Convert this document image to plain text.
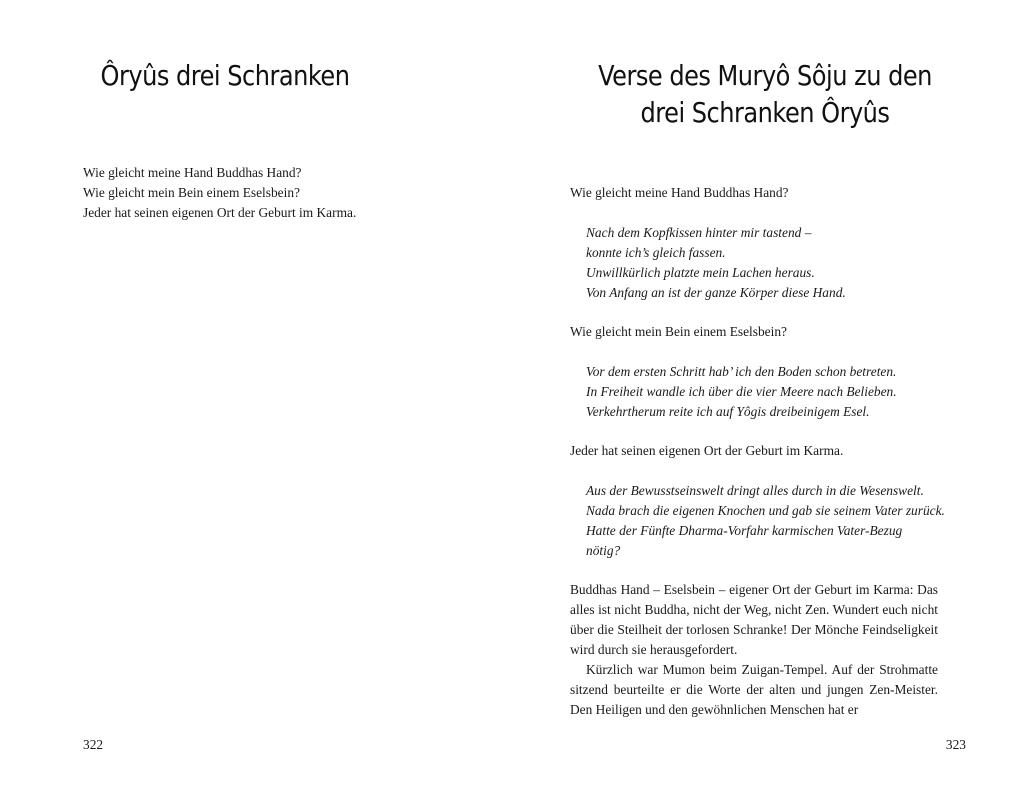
Ôryûs drei Schranken
Wie gleicht meine Hand Buddhas Hand?
Wie gleicht mein Bein einem Eselsbein?
Jeder hat seinen eigenen Ort der Geburt im Karma.
322
Verse des Muryô Sôju zu den
drei Schranken Ôryûs
Wie gleicht meine Hand Buddhas Hand?
Nach dem Kopfkissen hinter mir tastend –
konnte ich’s gleich fassen.
Unwillkürlich platzte mein Lachen heraus.
Von Anfang an ist der ganze Körper diese Hand.
Wie gleicht mein Bein einem Eselsbein?
Vor dem ersten Schritt hab’ ich den Boden schon betreten.
In Freiheit wandle ich über die vier Meere nach Belieben.
Verkehrtherum reite ich auf Yôgis dreibeinigem Esel.
Jeder hat seinen eigenen Ort der Geburt im Karma.
Aus der Bewusstseinswelt dringt alles durch in die Wesenswelt.
Nada brach die eigenen Knochen und gab sie seinem Vater zurück.
Hatte der Fünfte Dharma-Vorfahr karmischen Vater-Bezug
nötig?
Buddhas Hand – Eselsbein – eigener Ort der Geburt im Karma: Das alles ist nicht Buddha, nicht der Weg, nicht Zen. Wundert euch nicht über die Steilheit der torlosen Schranke! Der Mönche Feindseligkeit wird durch sie herausgefordert.
Kürzlich war Mumon beim Zuigan-Tempel. Auf der Strohmatte sitzend beurteilte er die Worte der alten und jungen Zen-Meister. Den Heiligen und den gewöhnlichen Menschen hat er
323
